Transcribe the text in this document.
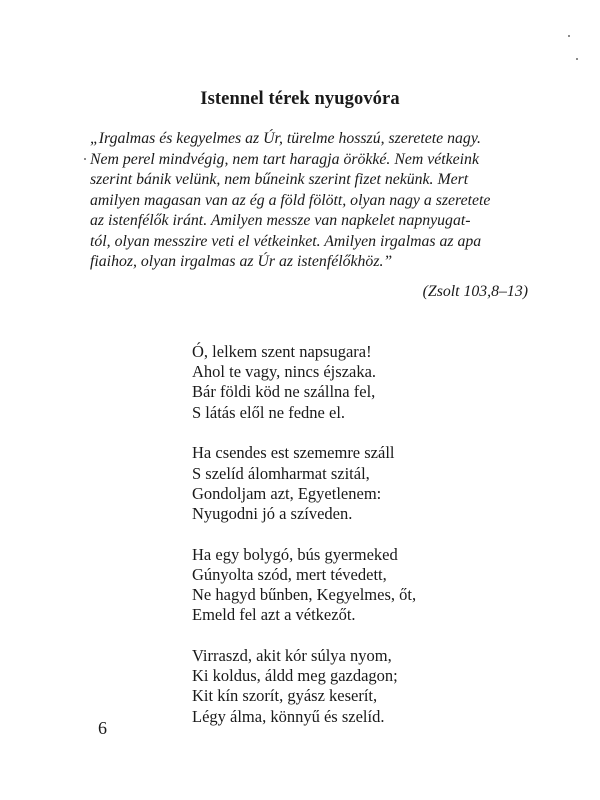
Istennel térek nyugovóra
„Irgalmas és kegyelmes az Úr, türelme hosszú, szeretete nagy.
Nem perel mindvégig, nem tart haragja örökké. Nem vétkeink
szerint bánik velünk, nem bűneink szerint fizet nekünk. Mert
amilyen magasan van az ég a föld fölött, olyan nagy a szeretete
az istenfélők iránt. Amilyen messze van napkelet napnyugat-
tól, olyan messzire veti el vétkeinket. Amilyen irgalmas az apa
fiaihoz, olyan irgalmas az Úr az istenfélőkhöz.”
(Zsolt 103,8–13)
Ó, lelkem szent napsugara!
Ahol te vagy, nincs éjszaka.
Bár földi köd ne szállna fel,
S látás elől ne fedne el.
Ha csendes est szememre száll
S szelíd álomharmat szitál,
Gondoljam azt, Egyetlenem:
Nyugodni jó a szíveden.
Ha egy bolygó, bús gyermeked
Gúnyolta szód, mert tévedett,
Ne hagyd bűnben, Kegyelmes, őt,
Emeld fel azt a vétkezőt.
Virraszd, akit kór súlya nyom,
Ki koldus, áldd meg gazdagon;
Kit kín szorít, gyász keserít,
Légy álma, könnyű és szelíd.
6
